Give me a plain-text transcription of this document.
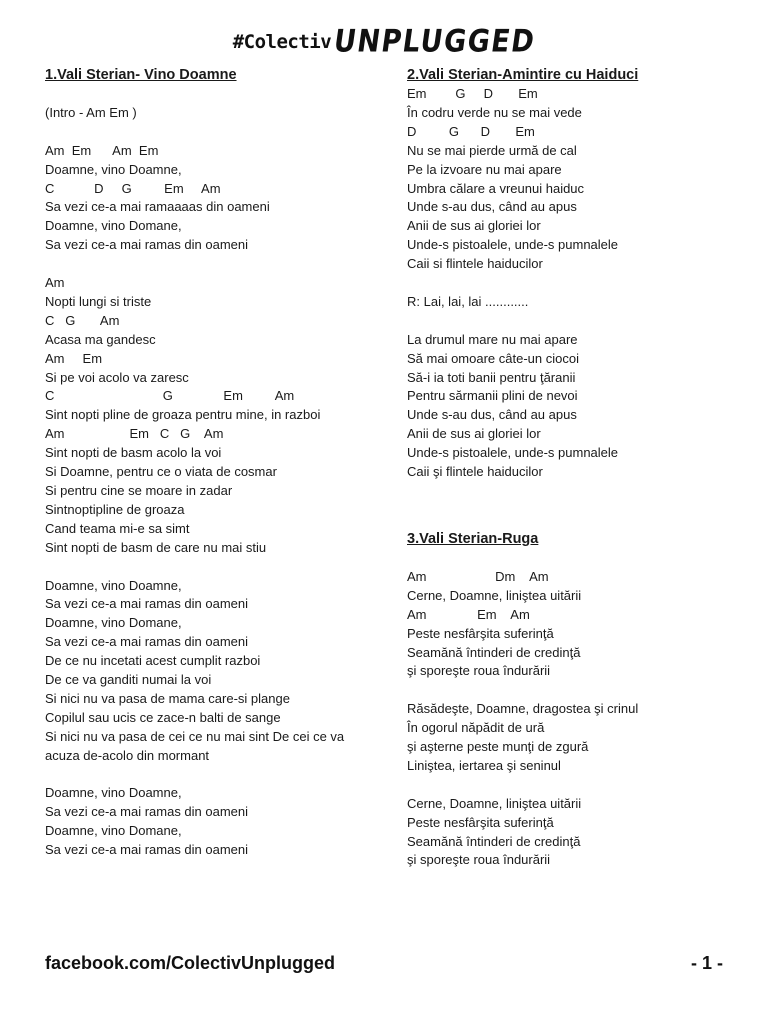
#ColectivUNPLUGGED
1.Vali Sterian- Vino Doamne
(Intro - Am Em )
Am  Em      Am  Em
Doamne, vino Doamne,
C           D     G         Em     Am
Sa vezi ce-a mai ramaaaas din oameni
Doamne, vino Domane,
Sa vezi ce-a mai ramas din oameni
Am
Nopti lungi si triste
C   G       Am
Acasa ma gandesc
Am     Em
Si pe voi acolo va zaresc
C                              G              Em         Am
Sint nopti pline de groaza pentru mine, in razboi
Am                  Em   C   G    Am
Sint nopti de basm acolo la voi
Si Doamne, pentru ce o viata de cosmar
Si pentru cine se moare in zadar
Sintnoptipline de groaza
Cand teama mi-e sa simt
Sint nopti de basm de care nu mai stiu
Doamne, vino Doamne,
Sa vezi ce-a mai ramas din oameni
Doamne, vino Domane,
Sa vezi ce-a mai ramas din oameni
De ce nu incetati acest cumplit razboi
De ce va ganditi numai la voi
Si nici nu va pasa de mama care-si plange
Copilul sau ucis ce zace-n balti de sange
Si nici nu va pasa de cei ce nu mai sint De cei ce va acuza de-acolo din mormant
Doamne, vino Doamne,
Sa vezi ce-a mai ramas din oameni
Doamne, vino Domane,
Sa vezi ce-a mai ramas din oameni
2.Vali Sterian-Amintire cu Haiduci
Em        G     D       Em
În codru verde nu se mai vede
D         G      D       Em
Nu se mai pierde urmă de cal
Pe la izvoare nu mai apare
Umbra călare a vreunui haiduc
Unde s-au dus, când au apus
Anii de sus ai gloriei lor
Unde-s pistoalele, unde-s pumnalele
Caii si flintele haiducilor
R: Lai, lai, lai ............
La drumul mare nu mai apare
Să mai omoare câte-un ciocoi
Să-i ia toti banii pentru ţăranii
Pentru sărmanii plini de nevoi
Unde s-au dus, când au apus
Anii de sus ai gloriei lor
Unde-s pistoalele, unde-s pumnalele
Caii şi flintele haiducilor
3.Vali Sterian-Ruga
Am                   Dm    Am
Cerne, Doamne, liniştea uitării
Am              Em    Am
Peste nesfârşita suferinţă
Seamănă întinderi de credinţă
şi sporeşte roua îndurării
Răsădeşte, Doamne, dragostea şi crinul
În ogorul năpădit de ură
şi aşterne peste munţi de zgură
Liniştea, iertarea şi seninul
Cerne, Doamne, liniştea uitării
Peste nesfârşita suferinţă
Seamănă întinderi de credinţă
şi sporeşte roua îndurării
facebook.com/ColectivUnplugged	- 1 -
